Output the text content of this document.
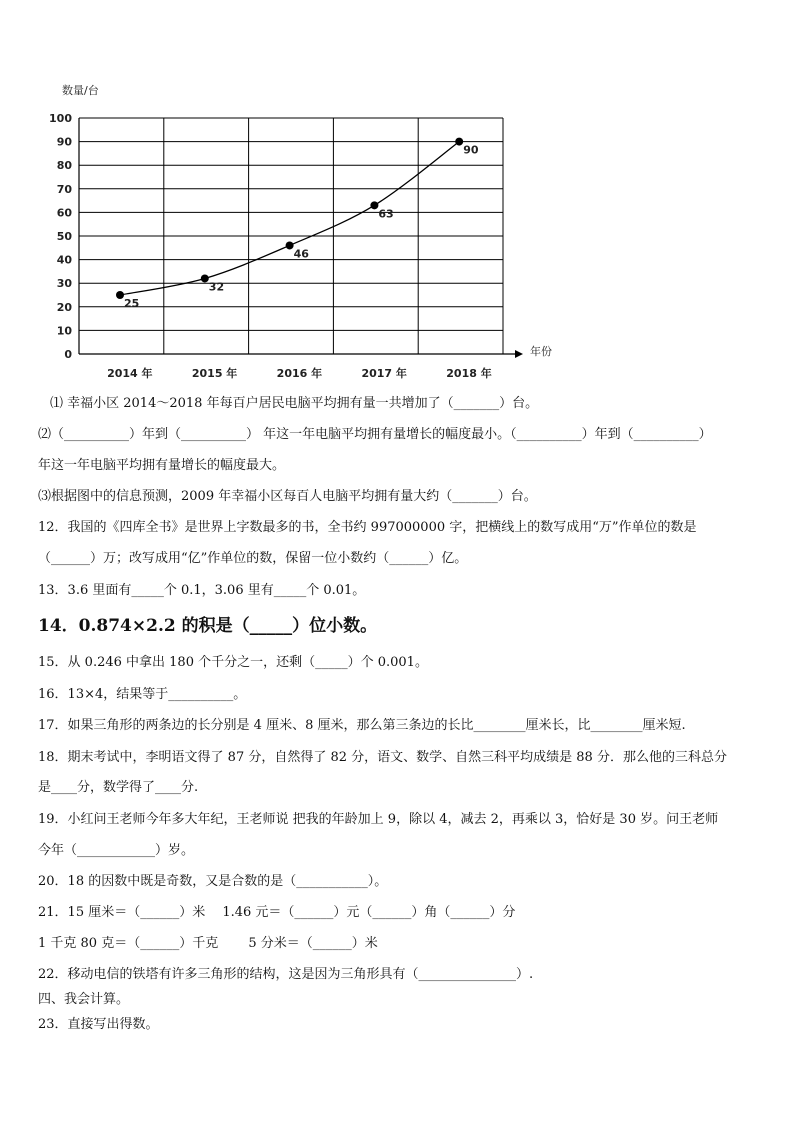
0
10
20
30
40
50
60
70
80
90
100
2014 年	2015 年	2016 年	2017 年	2018 年
25
32
46
63
90
数量/台
年份
⑴ 幸福小区 2014～2018 年每百户居民电脑平均拥有量一共增加了（_______）台。
⑵（__________）年到（__________） 年这一年电脑平均拥有量增长的幅度最小。（__________）年到（__________）
年这一年电脑平均拥有量增长的幅度最大。
⑶根据图中的信息预测，2009 年幸福小区每百人电脑平均拥有量大约（_______）台。
12．我国的《四库全书》是世界上字数最多的书，全书约 997000000 字，把横线上的数写成用“万”作单位的数是
（______）万；改写成用“亿”作单位的数，保留一位小数约（______）亿。
13．3.6 里面有_____个 0.1，3.06 里有_____个 0.01。
14．0.874×2.2 的积是（_____）位小数。
15．从 0.246 中拿出 180 个千分之一，还剩（_____）个 0.001。
16．13×4，结果等于__________。
17．如果三角形的两条边的长分别是 4 厘米、8 厘米，那么第三条边的长比________厘米长，比________厘米短.
18．期末考试中，李明语文得了 87 分，自然得了 82 分，语文、数学、自然三科平均成绩是 88 分．那么他的三科总分
是____分，数学得了____分.
19．小红问王老师今年多大年纪，王老师说 把我的年龄加上 9，除以 4，减去 2，再乘以 3，恰好是 30 岁。问王老师
今年（____________）岁。
20．18 的因数中既是奇数，又是合数的是（___________）。
21．15 厘米＝（______）米　 1.46 元＝（______）元（______）角（______）分
1 千克 80 克＝（______）千克　　 5 分米＝（______）米
22．移动电信的铁塔有许多三角形的结构，这是因为三角形具有（_______________）.
四、我会计算。
23．直接写出得数。
